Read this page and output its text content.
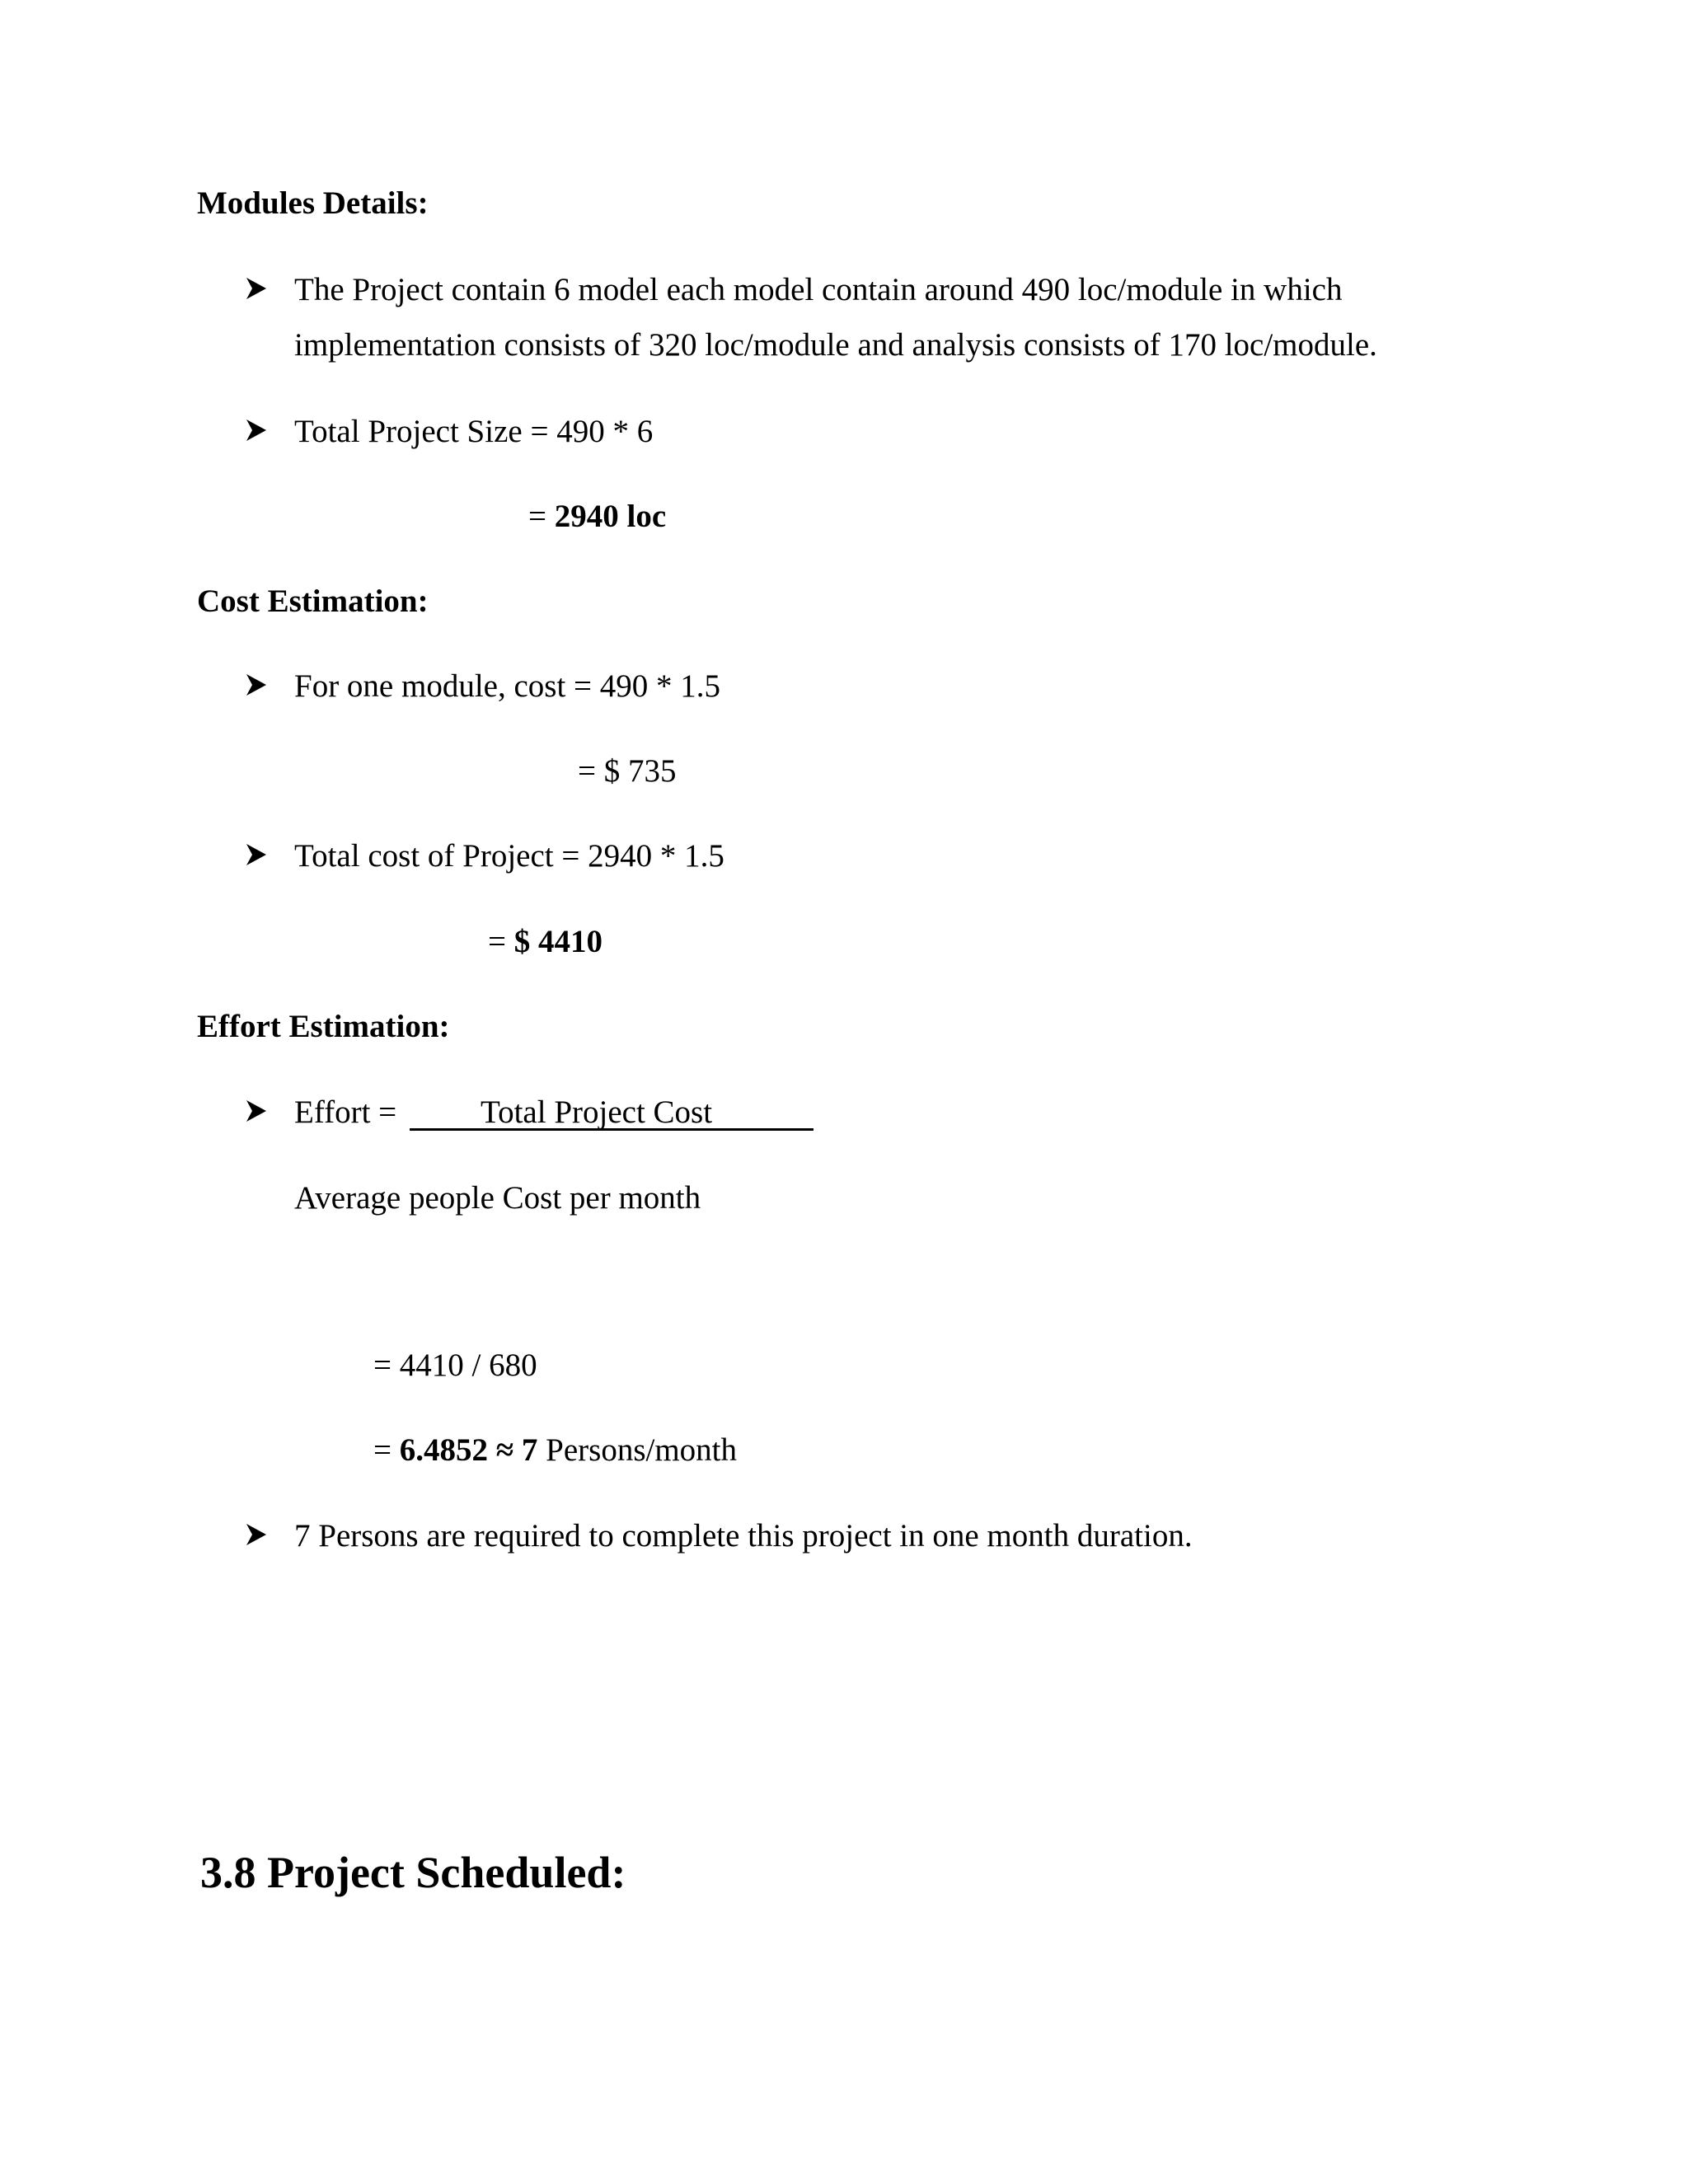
Modules Details:
The Project contain 6 model each model contain around 490 loc/module in which
implementation consists of 320 loc/module and analysis consists of 170 loc/module.
Total Project Size = 490 * 6
= 2940 loc
Cost Estimation:
For one module, cost = 490 * 1.5
= $ 735
Total cost of Project = 2940 * 1.5
= $ 4410
Effort Estimation:
Effort =	Total Project Cost
Average people Cost per month
= 4410 / 680
= 6.4852 ≈ 7 Persons/month
7 Persons are required to complete this project in one month duration.
3.8 Project Scheduled:
